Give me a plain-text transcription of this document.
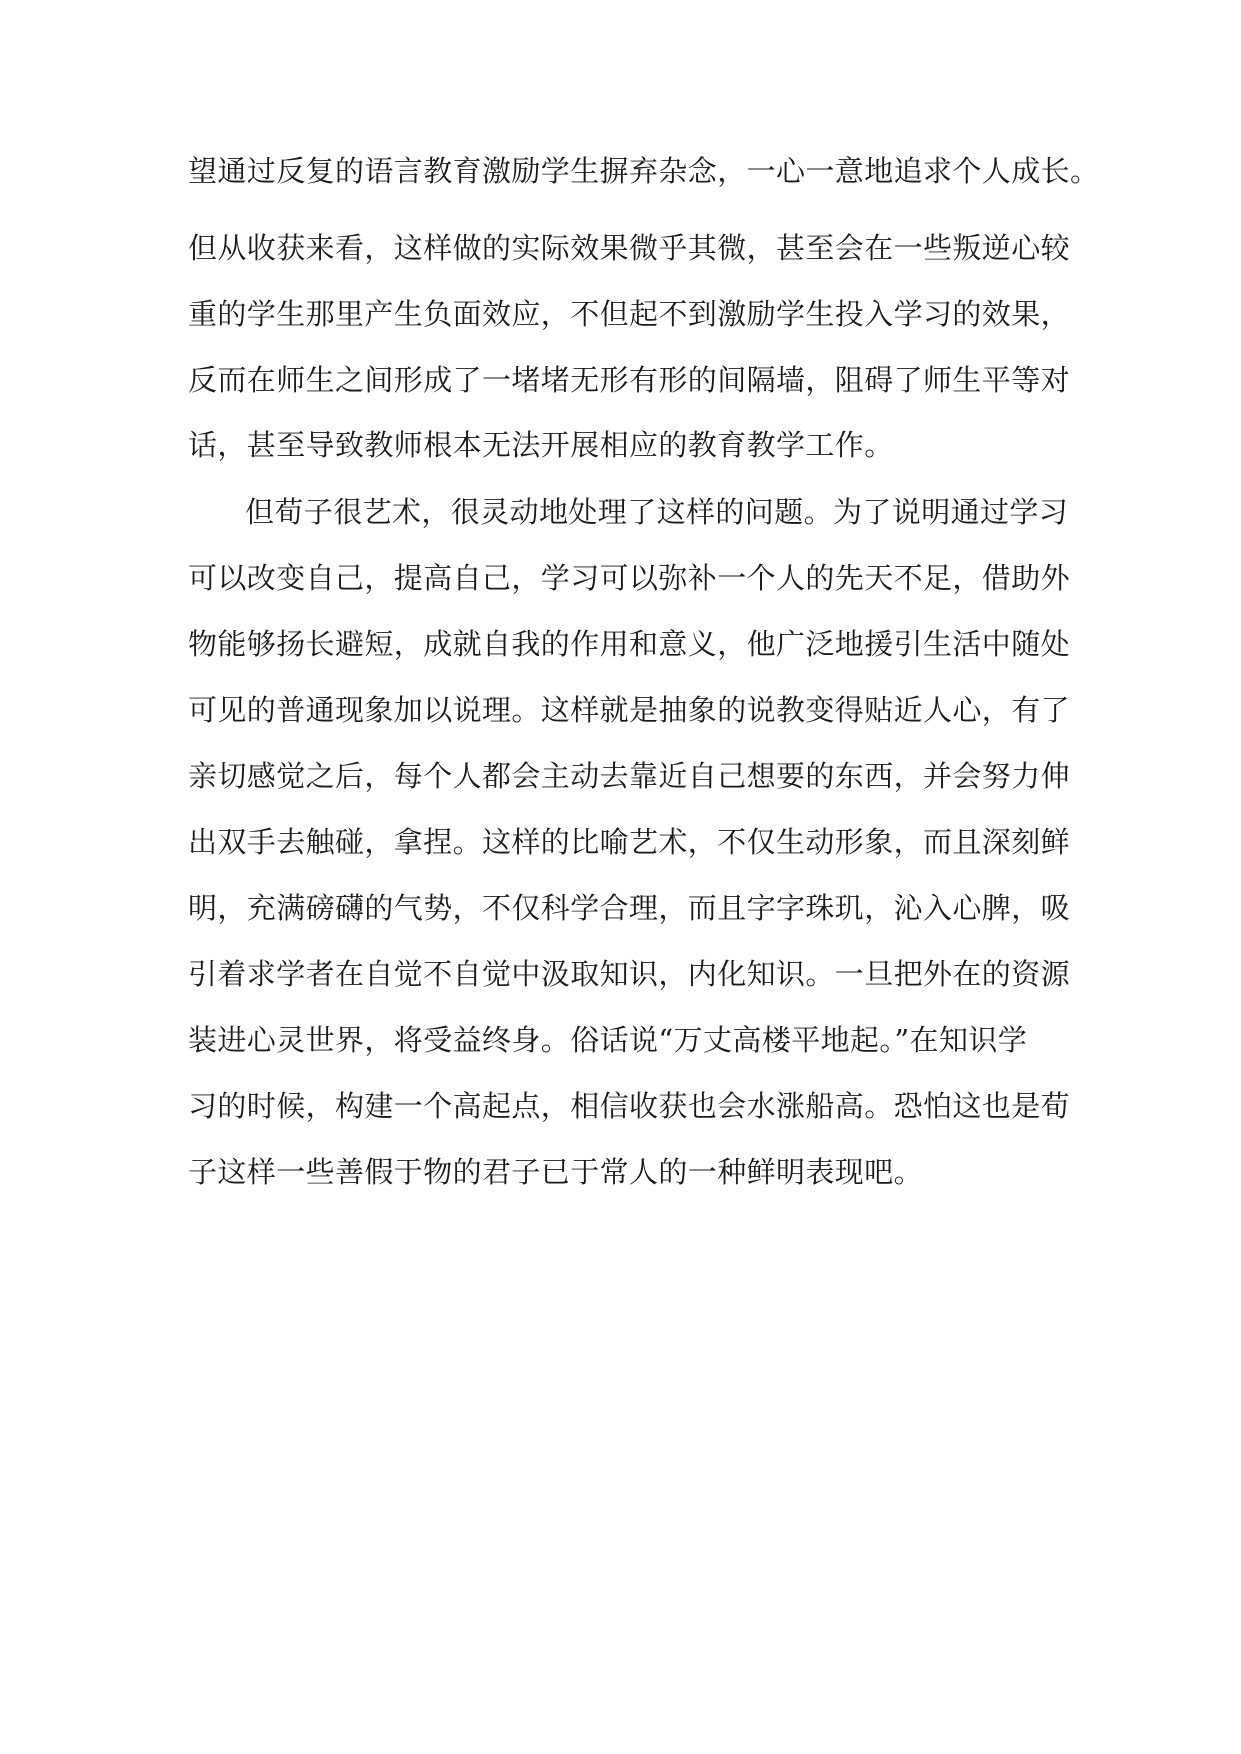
望通过反复的语言教育激励学生摒弃杂念，一心一意地追求个人成长。
但从收获来看，这样做的实际效果微乎其微，甚至会在一些叛逆心较
重的学生那里产生负面效应，不但起不到激励学生投入学习的效果，
反而在师生之间形成了一堵堵无形有形的间隔墙，阻碍了师生平等对
话，甚至导致教师根本无法开展相应的教育教学工作。
但荀子很艺术，很灵动地处理了这样的问题。为了说明通过学习
可以改变自己，提高自己，学习可以弥补一个人的先天不足，借助外
物能够扬长避短，成就自我的作用和意义，他广泛地援引生活中随处
可见的普通现象加以说理。这样就是抽象的说教变得贴近人心，有了
亲切感觉之后，每个人都会主动去靠近自己想要的东西，并会努力伸
出双手去触碰，拿捏。这样的比喻艺术，不仅生动形象，而且深刻鲜
明，充满磅礴的气势，不仅科学合理，而且字字珠玑，沁入心脾，吸
引着求学者在自觉不自觉中汲取知识，内化知识。一旦把外在的资源
装进心灵世界，将受益终身。俗话说“万丈高楼平地起。”在知识学
习的时候，构建一个高起点，相信收获也会水涨船高。恐怕这也是荀
子这样一些善假于物的君子已于常人的一种鲜明表现吧。
